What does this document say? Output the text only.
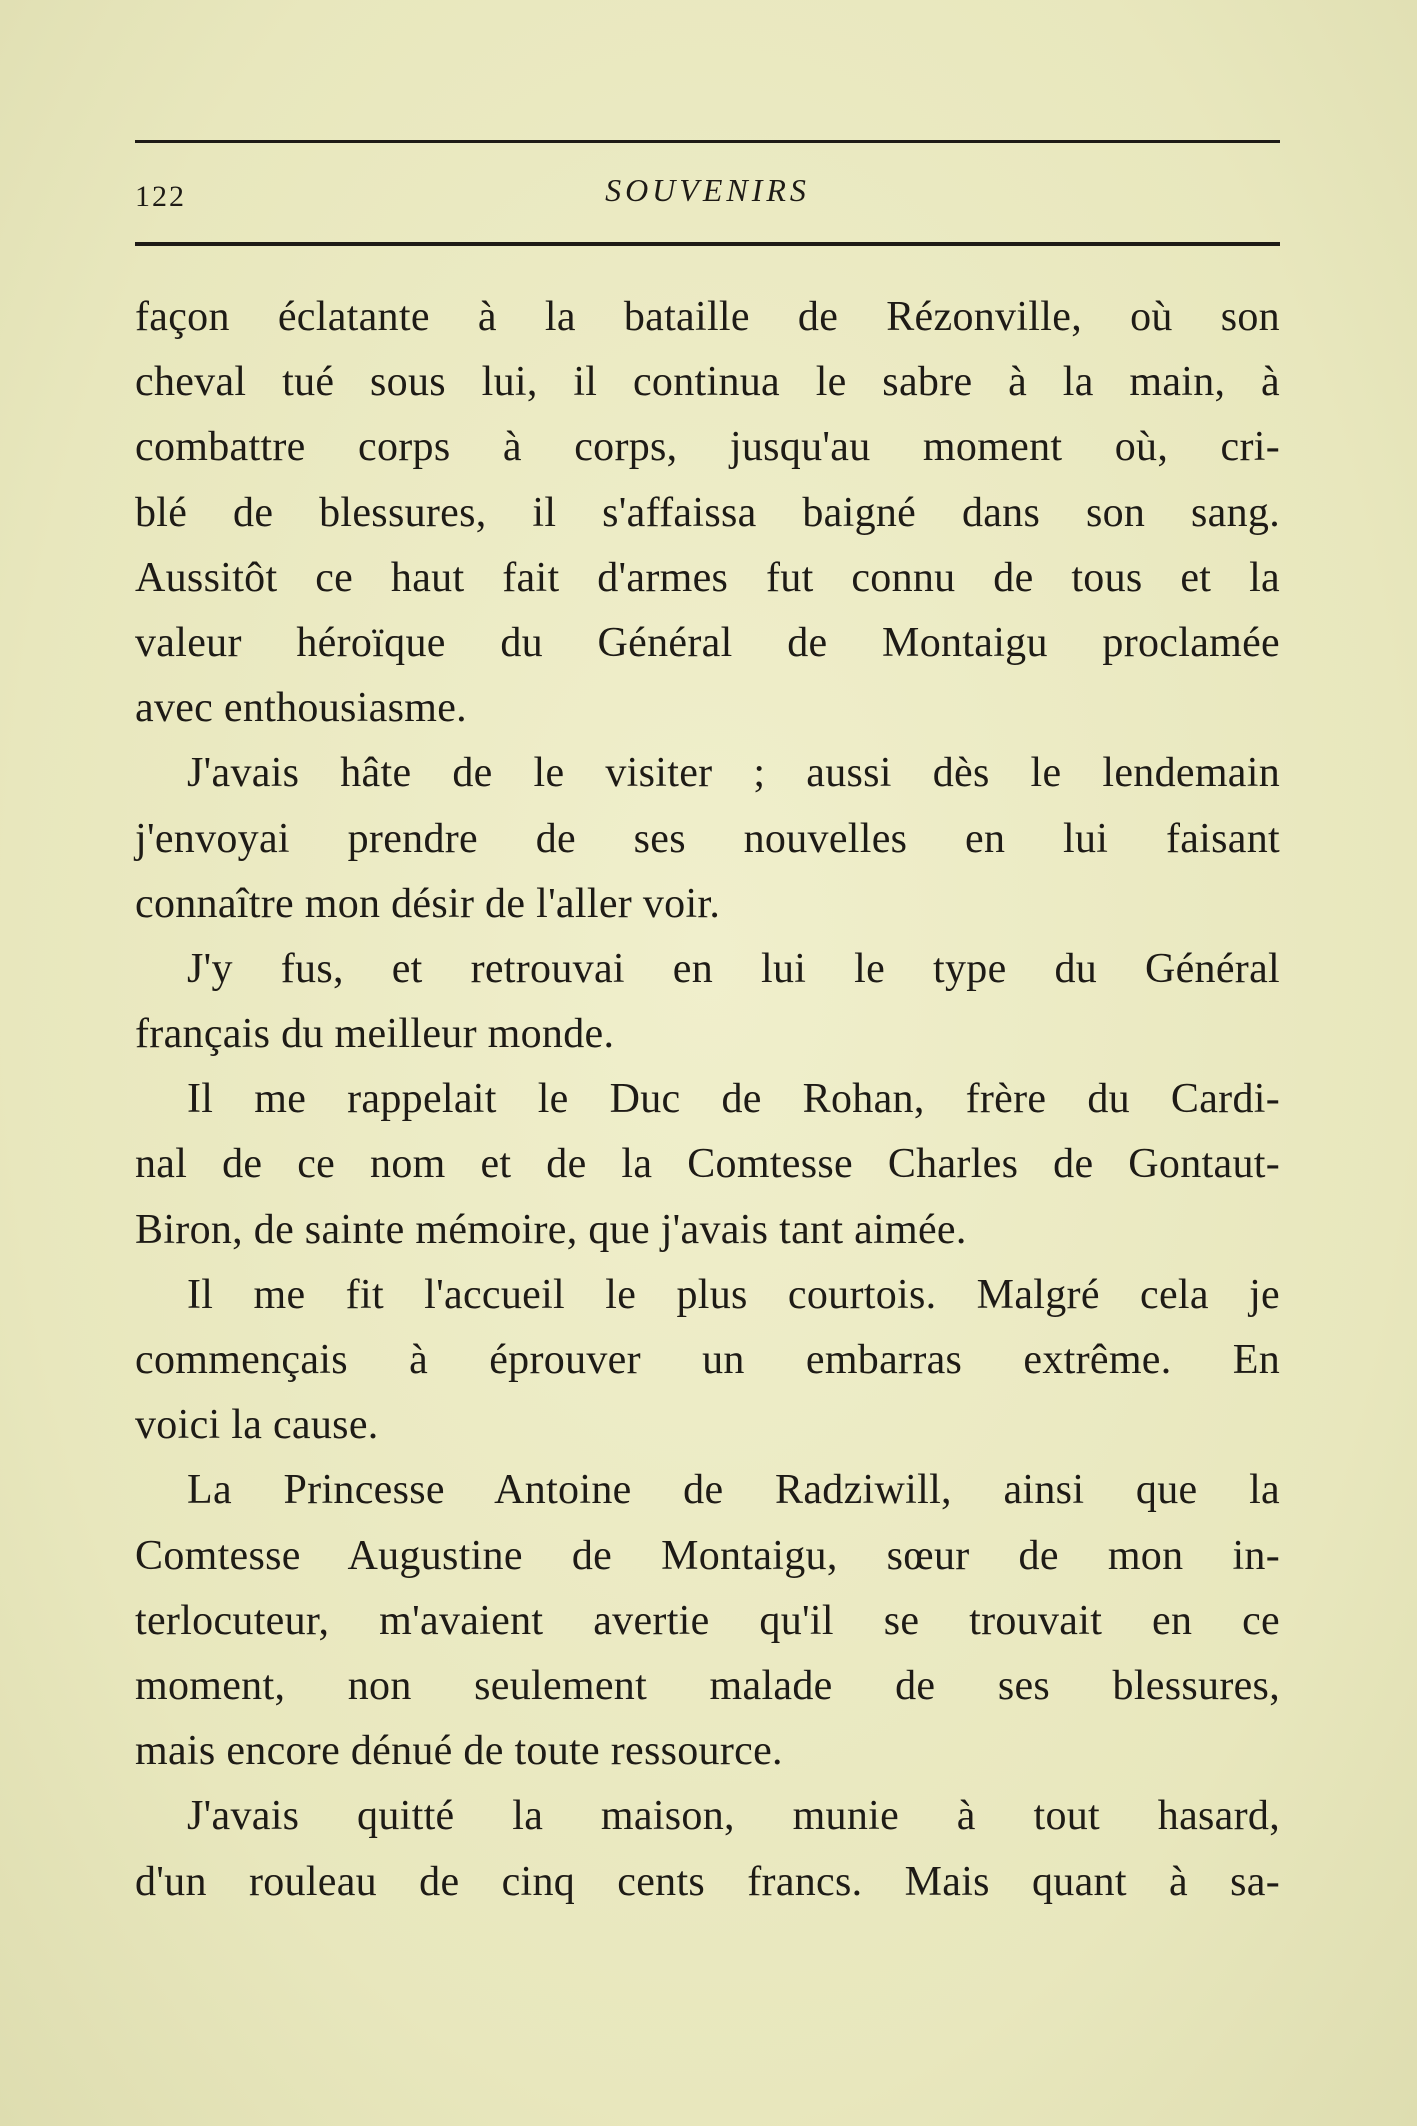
122	SOUVENIRS
façon éclatante à la bataille de Rézonville, où son
cheval tué sous lui, il continua le sabre à la main, à
combattre corps à corps, jusqu'au moment où, cri-
blé de blessures, il s'affaissa baigné dans son sang.
Aussitôt ce haut fait d'armes fut connu de tous et la
valeur héroïque du Général de Montaigu proclamée
avec enthousiasme.
J'avais hâte de le visiter ; aussi dès le lendemain
j'envoyai prendre de ses nouvelles en lui faisant
connaître mon désir de l'aller voir.
J'y fus, et retrouvai en lui le type du Général
français du meilleur monde.
Il me rappelait le Duc de Rohan, frère du Cardi-
nal de ce nom et de la Comtesse Charles de Gontaut-
Biron, de sainte mémoire, que j'avais tant aimée.
Il me fit l'accueil le plus courtois. Malgré cela je
commençais à éprouver un embarras extrême. En
voici la cause.
La Princesse Antoine de Radziwill, ainsi que la
Comtesse Augustine de Montaigu, sœur de mon in-
terlocuteur, m'avaient avertie qu'il se trouvait en ce
moment, non seulement malade de ses blessures,
mais encore dénué de toute ressource.
J'avais quitté la maison, munie à tout hasard,
d'un rouleau de cinq cents francs. Mais quant à sa-
